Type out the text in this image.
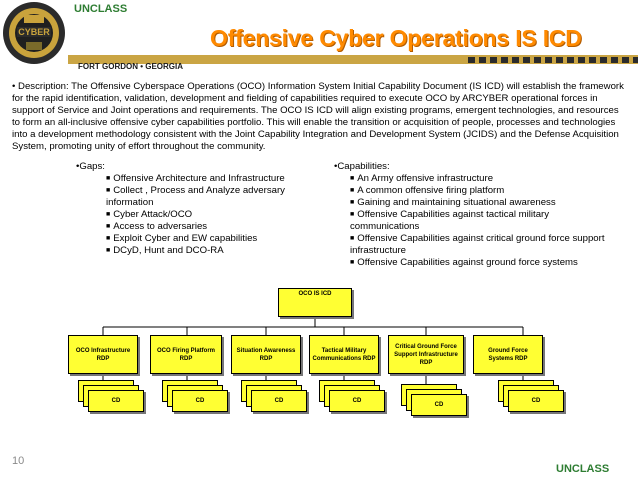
UNCLASS
CYBER	Offensive Cyber Operations IS ICD
FORT GORDON • GEORGIA
• Description: The Offensive Cyberspace Operations (OCO) Information System Initial Capability Document (IS ICD) will establish the framework for the rapid identification, validation, development and fielding of capabilities required to execute OCO by ARCYBER operational forces in support of Service and Joint operations and requirements. The OCO IS ICD will align existing programs, emergent technologies, and resources to form an all-inclusive offensive cyber capabilities portfolio. This will enable the transition or acquisition of people, processes and technologies into a development methodology consistent with the Joint Capability Integration and Development System (JCIDS) and the Defense Acquisition System, promoting unity of effort throughout the community.
•Gaps:
■ Offensive Architecture and Infrastructure
■ Collect , Process and Analyze adversary information
■ Cyber Attack/OCO
■ Access to adversaries
■ Exploit Cyber and EW capabilities
■ DCyD, Hunt and DCO-RA
•Capabilities:
■ An Army offensive infrastructure
■ A common offensive firing platform
■ Gaining and maintaining situational awareness
■ Offensive Capabilities against tactical military communications
■ Offensive Capabilities against critical ground force support infrastructure
■ Offensive Capabilities against ground force systems
OCO IS ICD
OCO Infrastructure RDP
OCO Firing Platform RDP
Situation Awareness RDP
Tactical Military Communications RDP
Critical Ground Force Support Infrastructure RDP
Ground Force Systems RDP
CD	CD	CD	CD
CD
CD
10
UNCLASS
